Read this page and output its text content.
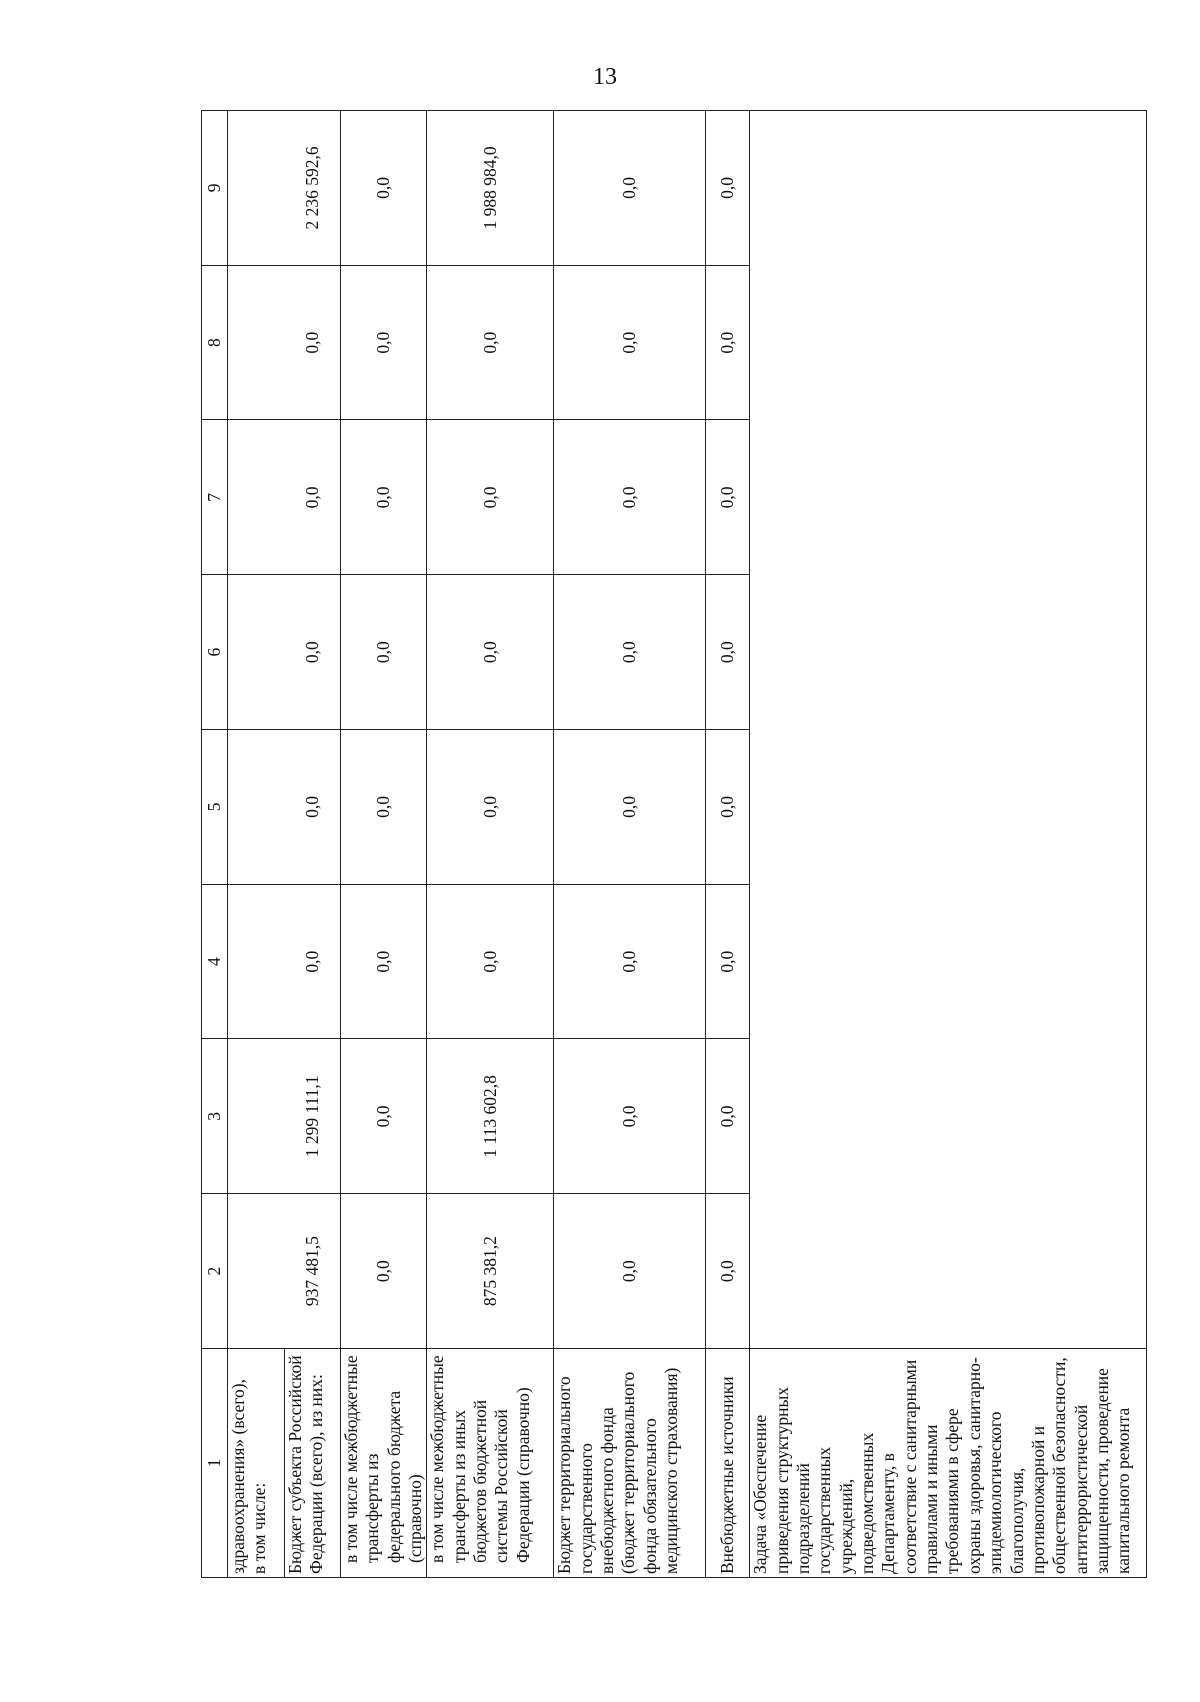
13
1	2	3	4	5	6	7	8	9
здравоохранения» (всего),
в том числе:								
Бюджет субъекта Российской Федерации (всего), из них:	937 481,5	1 299 111,1	0,0	0,0	0,0	0,0	0,0	2 236 592,6
в том числе межбюджетные трансферты из федерального бюджета (справочно)	0,0	0,0	0,0	0,0	0,0	0,0	0,0	0,0
в том числе межбюджетные трансферты из иных бюджетов бюджетной системы Российской Федерации (справочно)	875 381,2	1 113 602,8	0,0	0,0	0,0	0,0	0,0	1 988 984,0
Бюджет территориального государственного внебюджетного фонда (бюджет территориального фонда обязательного медицинского страхования)	0,0	0,0	0,0	0,0	0,0	0,0	0,0	0,0
Внебюджетные источники	0,0	0,0	0,0	0,0	0,0	0,0	0,0	0,0
Задача «Обеспечение приведения структурных подразделений государственных учреждений, подведомственных Департаменту, в соответствие с санитарными правилами и иными требованиями в сфере охраны здоровья, санитарно-эпидемиологического благополучия, противопожарной и общественной безопасности, антитеррористической защищенности, проведение капитального ремонта								
